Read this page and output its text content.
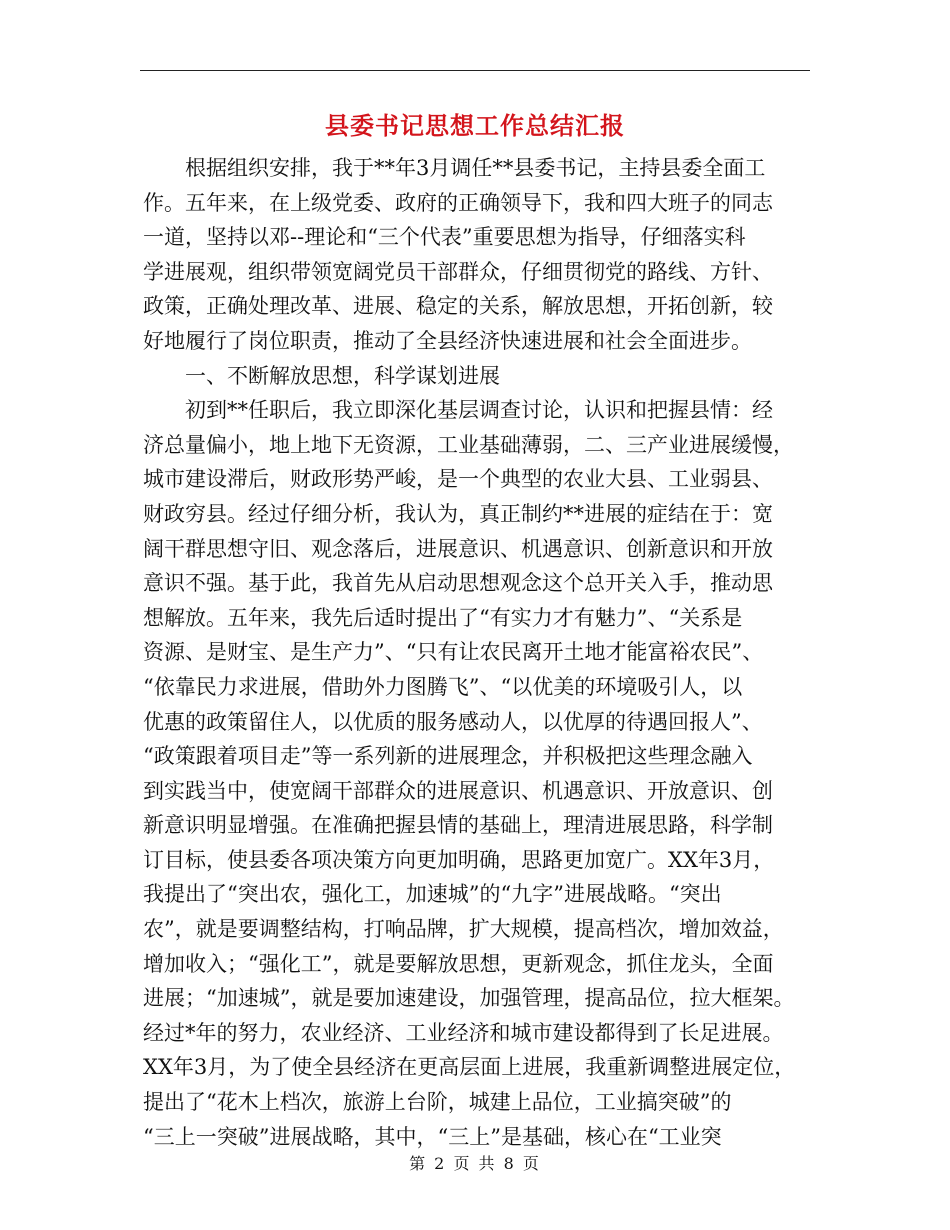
县委书记思想工作总结汇报
根据组织安排，我于**年3月调任**县委书记，主持县委全面工
作。五年来，在上级党委、政府的正确领导下，我和四大班子的同志
一道，坚持以邓--理论和“三个代表”重要思想为指导，仔细落实科
学进展观，组织带领宽阔党员干部群众，仔细贯彻党的路线、方针、
政策，正确处理改革、进展、稳定的关系，解放思想，开拓创新，较
好地履行了岗位职责，推动了全县经济快速进展和社会全面进步。
一、不断解放思想，科学谋划进展
初到**任职后，我立即深化基层调查讨论，认识和把握县情：经
济总量偏小，地上地下无资源，工业基础薄弱，二、三产业进展缓慢，
城市建设滞后，财政形势严峻，是一个典型的农业大县、工业弱县、
财政穷县。经过仔细分析，我认为，真正制约**进展的症结在于：宽
阔干群思想守旧、观念落后，进展意识、机遇意识、创新意识和开放
意识不强。基于此，我首先从启动思想观念这个总开关入手，推动思
想解放。五年来，我先后适时提出了“有实力才有魅力”、“关系是
资源、是财宝、是生产力”、“只有让农民离开土地才能富裕农民”、
“依靠民力求进展，借助外力图腾飞”、“以优美的环境吸引人，以
优惠的政策留住人，以优质的服务感动人，以优厚的待遇回报人”、
“政策跟着项目走”等一系列新的进展理念，并积极把这些理念融入
到实践当中，使宽阔干部群众的进展意识、机遇意识、开放意识、创
新意识明显增强。在准确把握县情的基础上，理清进展思路，科学制
订目标，使县委各项决策方向更加明确，思路更加宽广。XX年3月，
我提出了“突出农，强化工，加速城”的“九字”进展战略。“突出
农”，就是要调整结构，打响品牌，扩大规模，提高档次，增加效益，
增加收入；“强化工”，就是要解放思想，更新观念，抓住龙头，全面
进展；“加速城”，就是要加速建设，加强管理，提高品位，拉大框架。
经过*年的努力，农业经济、工业经济和城市建设都得到了长足进展。
XX年3月，为了使全县经济在更高层面上进展，我重新调整进展定位，
提出了“花木上档次，旅游上台阶，城建上品位，工业搞突破”的
“三上一突破”进展战略，其中，“三上”是基础，核心在“工业突
第 2 页 共 8 页
